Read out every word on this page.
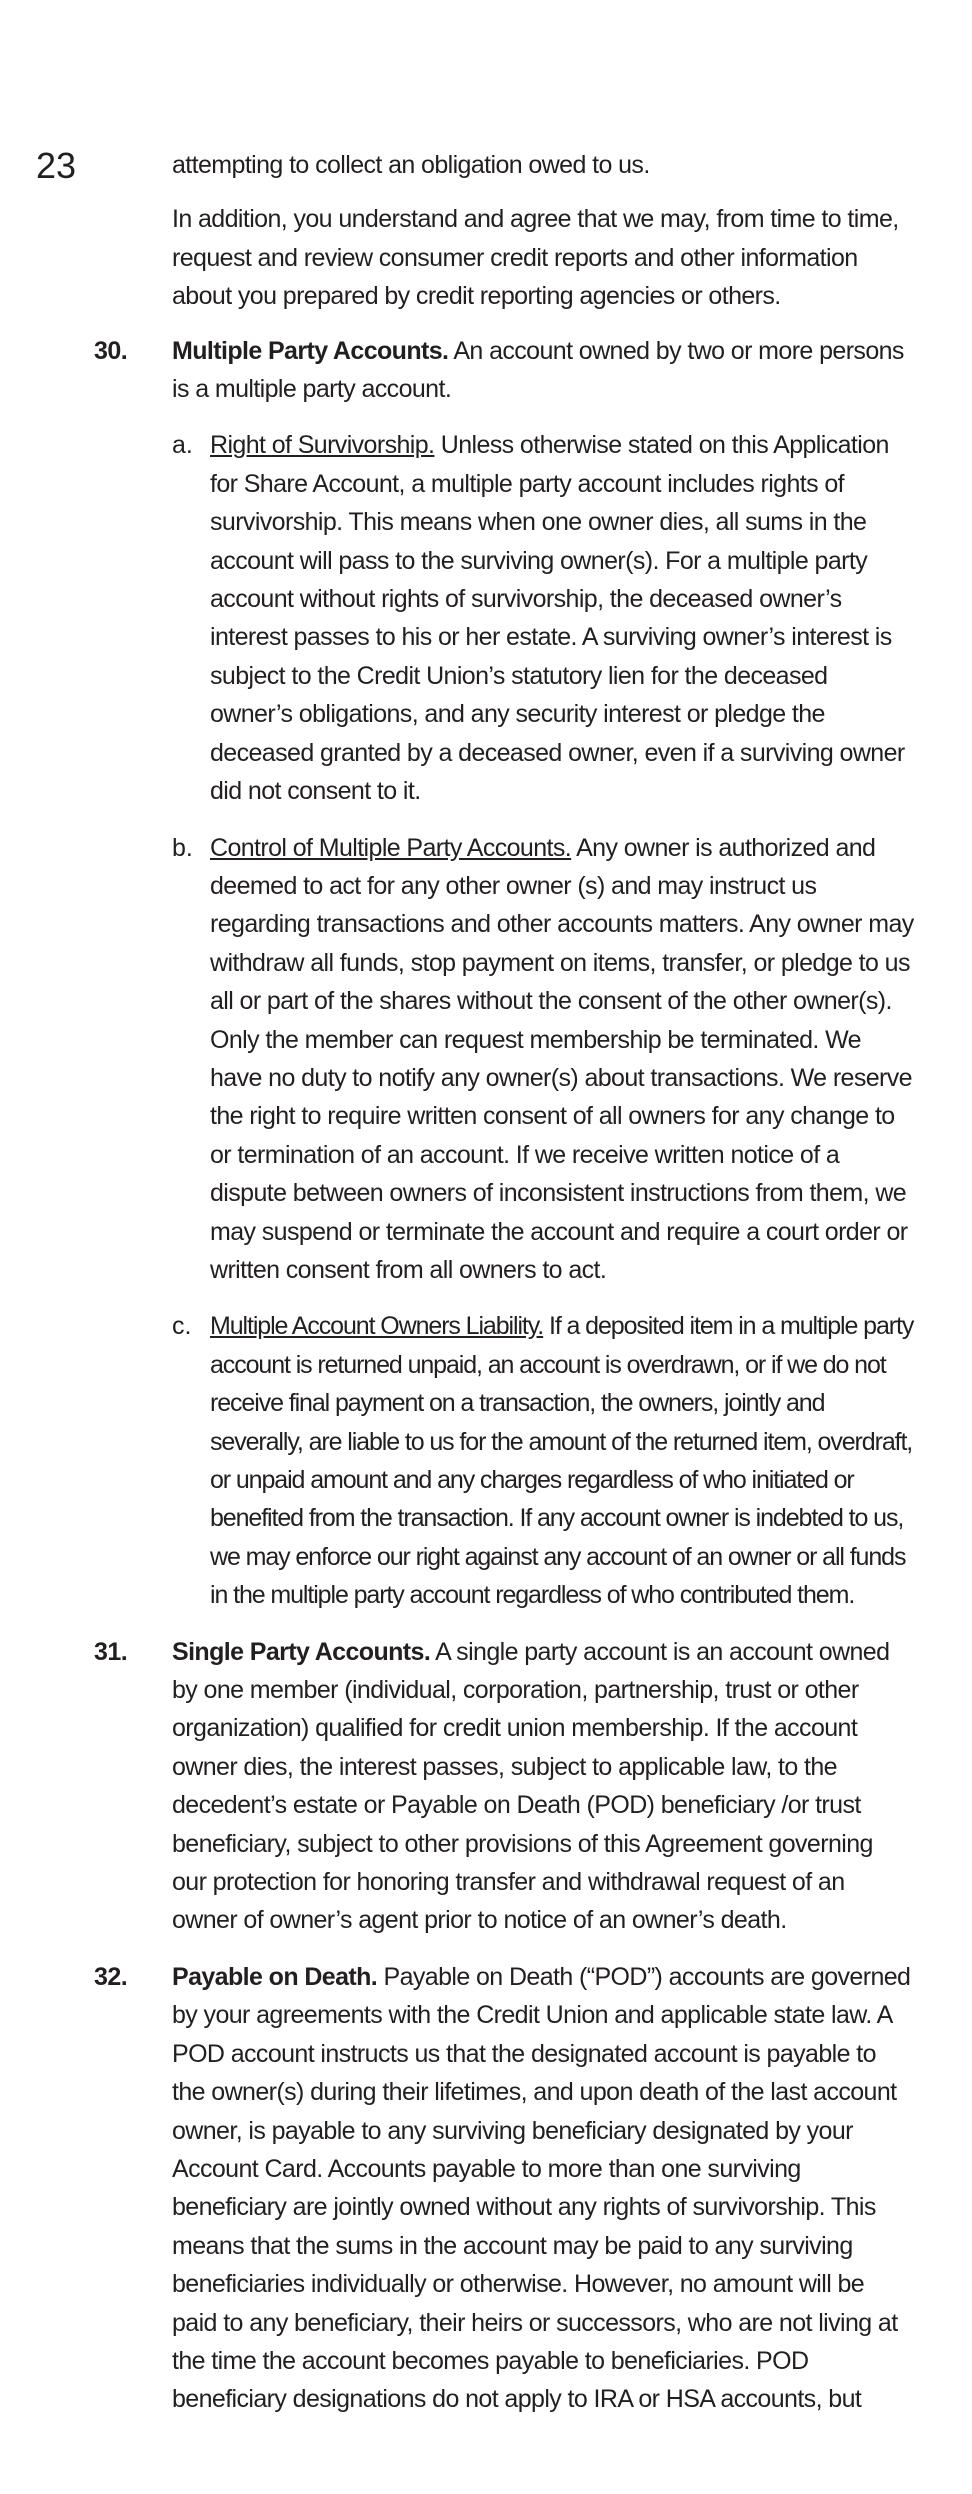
23	attempting to collect an obligation owed to us.

In addition, you understand and agree that we may, from time to time, request and review consumer credit reports and other information about you prepared by credit reporting agencies or others.

30. Multiple Party Accounts. An account owned by two or more persons is a multiple party account.

a. Right of Survivorship. Unless otherwise stated on this Application for Share Account, a multiple party account includes rights of survivorship. This means when one owner dies, all sums in the account will pass to the surviving owner(s). For a multiple party account without rights of survivorship, the deceased owner’s interest passes to his or her estate. A surviving owner’s interest is subject to the Credit Union’s statutory lien for the deceased owner’s obligations, and any security interest or pledge the deceased granted by a deceased owner, even if a surviving owner did not consent to it.

b. Control of Multiple Party Accounts. Any owner is authorized and deemed to act for any other owner (s) and may instruct us regarding transactions and other accounts matters. Any owner may withdraw all funds, stop payment on items, transfer, or pledge to us all or part of the shares without the consent of the other owner(s). Only the member can request membership be terminated. We have no duty to notify any owner(s) about transactions. We reserve the right to require written consent of all owners for any change to or termination of an account. If we receive written notice of a dispute between owners of inconsistent instructions from them, we may suspend or terminate the account and require a court order or written consent from all owners to act.

c. Multiple Account Owners Liability. If a deposited item in a multiple party account is returned unpaid, an account is overdrawn, or if we do not receive final payment on a transaction, the owners, jointly and severally, are liable to us for the amount of the returned item, overdraft, or unpaid amount and any charges regardless of who initiated or benefited from the transaction. If any account owner is indebted to us, we may enforce our right against any account of an owner or all funds in the multiple party account regardless of who contributed them.

31. Single Party Accounts. A single party account is an account owned by one member (individual, corporation, partnership, trust or other organization) qualified for credit union membership. If the account owner dies, the interest passes, subject to applicable law, to the decedent’s estate or Payable on Death (POD) beneficiary /or trust beneficiary, subject to other provisions of this Agreement governing our protection for honoring transfer and withdrawal request of an owner of owner’s agent prior to notice of an owner’s death.

32. Payable on Death. Payable on Death (“POD”) accounts are governed by your agreements with the Credit Union and applicable state law. A POD account instructs us that the designated account is payable to the owner(s) during their lifetimes, and upon death of the last account owner, is payable to any surviving beneficiary designated by your Account Card. Accounts payable to more than one surviving beneficiary are jointly owned without any rights of survivorship. This means that the sums in the account may be paid to any surviving beneficiaries individually or otherwise. However, no amount will be paid to any beneficiary, their heirs or successors, who are not living at the time the account becomes payable to beneficiaries. POD beneficiary designations do not apply to IRA or HSA accounts, but
